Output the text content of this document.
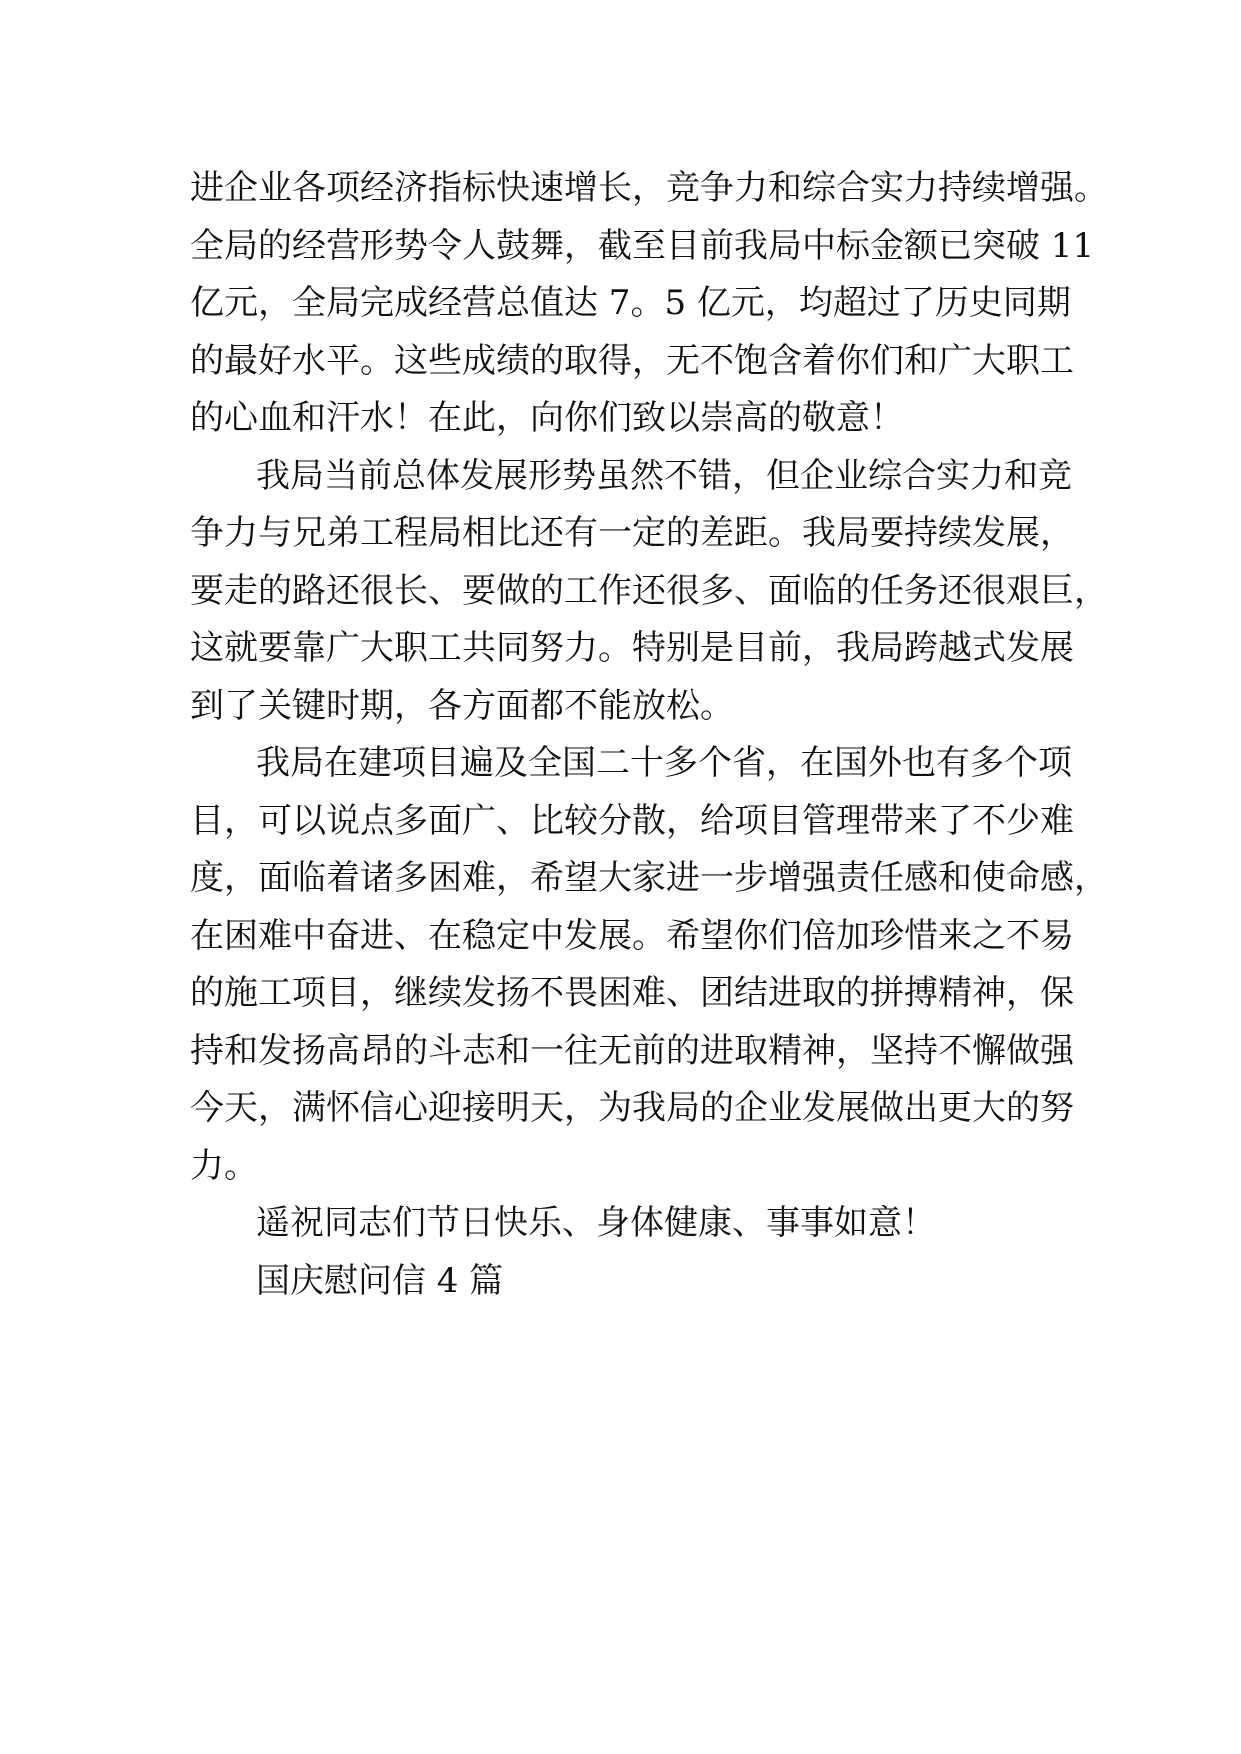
进企业各项经济指标快速增长，竞争力和综合实力持续增强。
全局的经营形势令人鼓舞，截至目前我局中标金额已突破 11
亿元，全局完成经营总值达 7。5 亿元，均超过了历史同期
的最好水平。这些成绩的取得，无不饱含着你们和广大职工
的心血和汗水！在此，向你们致以崇高的敬意！
我局当前总体发展形势虽然不错，但企业综合实力和竞
争力与兄弟工程局相比还有一定的差距。我局要持续发展，
要走的路还很长、要做的工作还很多、面临的任务还很艰巨，
这就要靠广大职工共同努力。特别是目前，我局跨越式发展
到了关键时期，各方面都不能放松。
我局在建项目遍及全国二十多个省，在国外也有多个项
目，可以说点多面广、比较分散，给项目管理带来了不少难
度，面临着诸多困难，希望大家进一步增强责任感和使命感，
在困难中奋进、在稳定中发展。希望你们倍加珍惜来之不易
的施工项目，继续发扬不畏困难、团结进取的拼搏精神，保
持和发扬高昂的斗志和一往无前的进取精神，坚持不懈做强
今天，满怀信心迎接明天，为我局的企业发展做出更大的努
力。
遥祝同志们节日快乐、身体健康、事事如意！
国庆慰问信 4 篇
